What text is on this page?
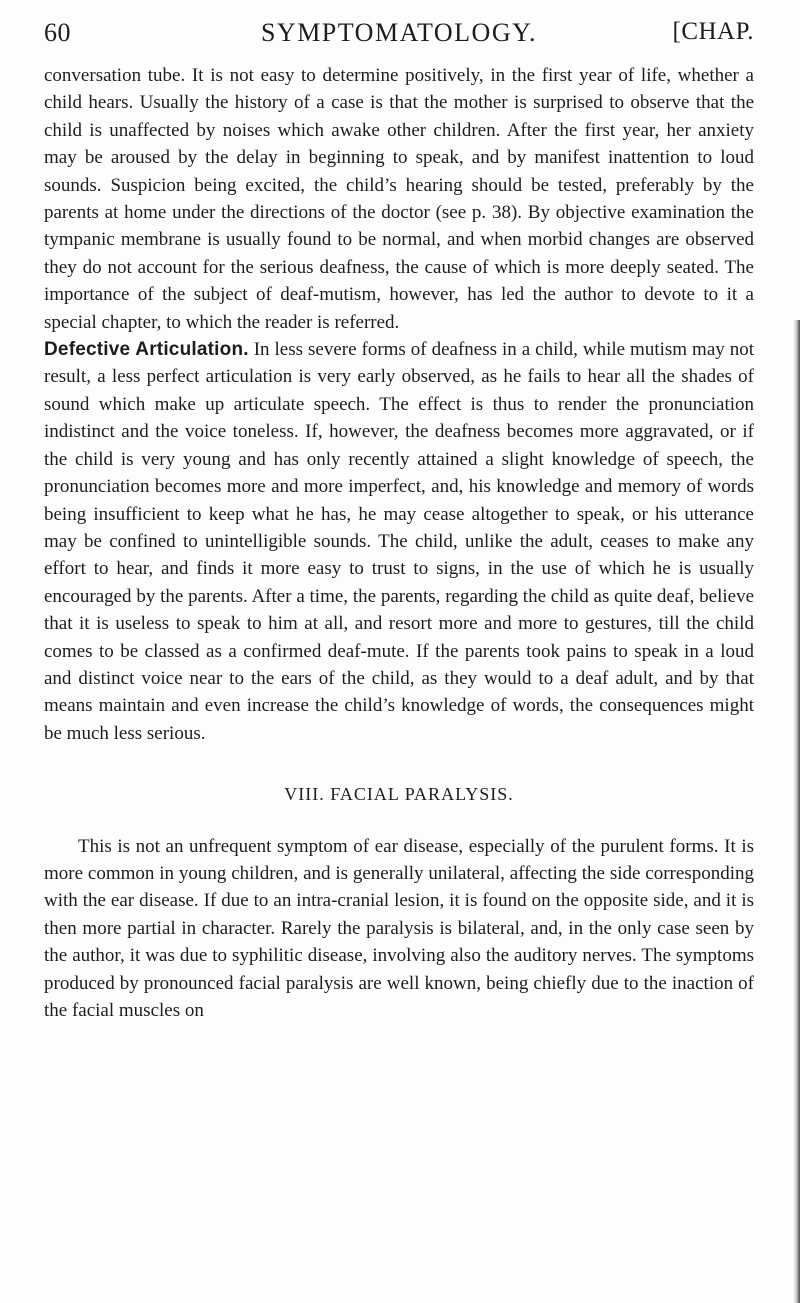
60	SYMPTOMATOLOGY.	[CHAP.

conversation tube. It is not easy to determine positively, in the first year of life, whether a child hears. Usually the history of a case is that the mother is surprised to observe that the child is unaffected by noises which awake other children. After the first year, her anxiety may be aroused by the delay in beginning to speak, and by manifest inattention to loud sounds. Suspicion being excited, the child’s hearing should be tested, preferably by the parents at home under the directions of the doctor (see p. 38). By objective examination the tympanic membrane is usually found to be normal, and when morbid changes are observed they do not account for the serious deafness, the cause of which is more deeply seated. The importance of the subject of deaf-mutism, however, has led the author to devote to it a special chapter, to which the reader is referred.

Defective Articulation. In less severe forms of deafness in a child, while mutism may not result, a less perfect articulation is very early observed, as he fails to hear all the shades of sound which make up articulate speech. The effect is thus to render the pronunciation indistinct and the voice toneless. If, however, the deafness becomes more aggravated, or if the child is very young and has only recently attained a slight knowledge of speech, the pronunciation becomes more and more imperfect, and, his knowledge and memory of words being insufficient to keep what he has, he may cease altogether to speak, or his utterance may be confined to unintelligible sounds. The child, unlike the adult, ceases to make any effort to hear, and finds it more easy to trust to signs, in the use of which he is usually encouraged by the parents. After a time, the parents, regarding the child as quite deaf, believe that it is useless to speak to him at all, and resort more and more to gestures, till the child comes to be classed as a confirmed deaf-mute. If the parents took pains to speak in a loud and distinct voice near to the ears of the child, as they would to a deaf adult, and by that means maintain and even increase the child’s knowledge of words, the consequences might be much less serious.

VIII. FACIAL PARALYSIS.

This is not an unfrequent symptom of ear disease, especially of the purulent forms. It is more common in young children, and is generally unilateral, affecting the side corresponding with the ear disease. If due to an intra-cranial lesion, it is found on the opposite side, and it is then more partial in character. Rarely the paralysis is bilateral, and, in the only case seen by the author, it was due to syphilitic disease, involving also the auditory nerves. The symptoms produced by pronounced facial paralysis are well known, being chiefly due to the inaction of the facial muscles on
